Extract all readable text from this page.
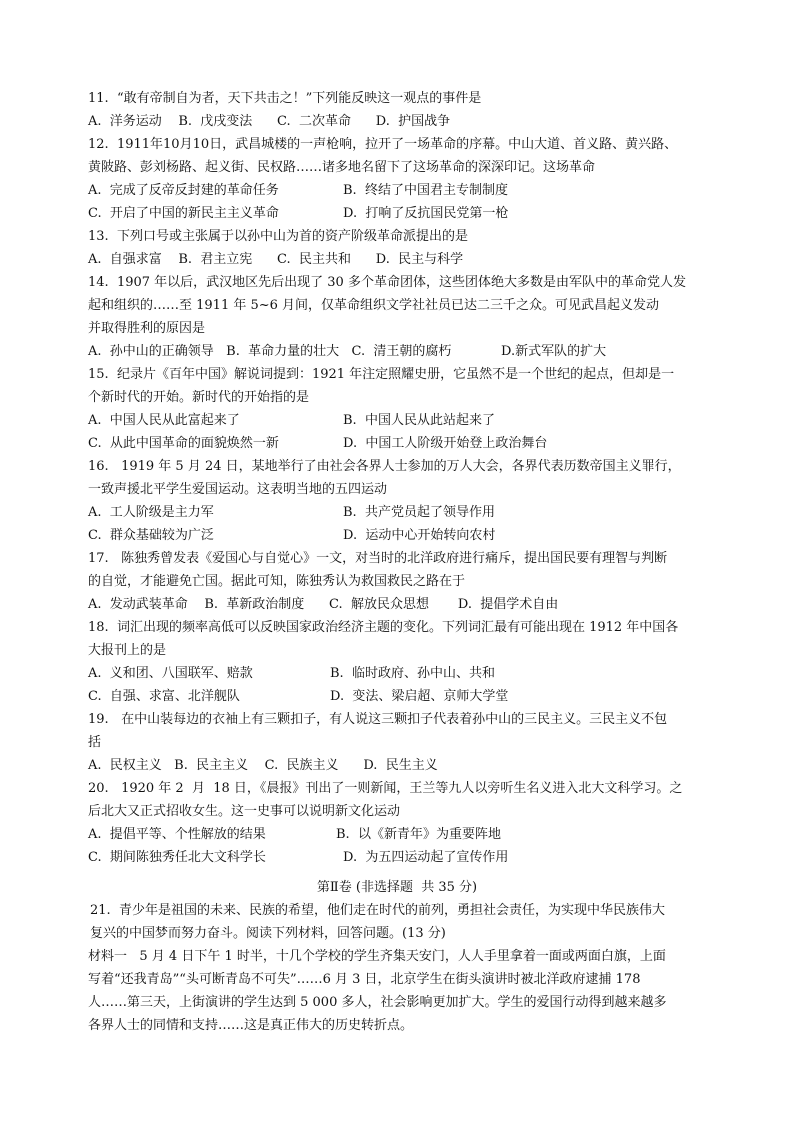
11.  “敢有帝制自为者，天下共击之！”下列能反映这一观点的事件是
A.  洋务运动    B.  戊戌变法      C.  二次革命      D.  护国战争
12.  1911年10月10日，武昌城楼的一声枪响，拉开了一场革命的序幕。中山大道、首义路、黄兴路、
黄陂路、彭刘杨路、起义街、民权路……诸多地名留下了这场革命的深深印记。这场革命
A.  完成了反帝反封建的革命任务	B.  终结了中国君主专制制度
C.  开启了中国的新民主主义革命	D.  打响了反抗国民党第一枪
13.  下列口号或主张属于以孙中山为首的资产阶级革命派提出的是
A.  自强求富    B.  君主立宪      C.  民主共和      D.  民主与科学
14.  1907 年以后，武汉地区先后出现了 30 多个革命团体，这些团体绝大多数是由军队中的革命党人发
起和组织的……至 1911 年 5~6 月间，仅革命组织文学社社员已达二三千之众。可见武昌起义发动
并取得胜利的原因是
A.  孙中山的正确领导   B.  革命力量的壮大   C.  清王朝的腐朽            D.新式军队的扩大
15.  纪录片《百年中国》解说词提到：1921 年注定照耀史册，它虽然不是一个世纪的起点，但却是一
个新时代的开始。新时代的开始指的是
A.  中国人民从此富起来了	B.  中国人民从此站起来了
C.  从此中国革命的面貌焕然一新	D.  中国工人阶级开始登上政治舞台
16.   1919 年 5 月 24 日，某地举行了由社会各界人士参加的万人大会，各界代表历数帝国主义罪行，
一致声援北平学生爱国运动。这表明当地的五四运动
A.  工人阶级是主力军	B.  共产党员起了领导作用
C.  群众基础较为广泛	D.  运动中心开始转向农村
17.   陈独秀曾发表《爱国心与自觉心》一文，对当时的北洋政府进行痛斥，提出国民要有理智与判断
的自觉，才能避免亡国。据此可知，陈独秀认为救国救民之路在于
A.  发动武装革命    B.  革新政治制度      C.  解放民众思想       D.  提倡学术自由
18.  词汇出现的频率高低可以反映国家政治经济主题的变化。下列词汇最有可能出现在 1912 年中国各
大报刊上的是
A.  义和团、八国联军、赔款	B.  临时政府、孙中山、共和
C.  自强、求富、北洋舰队	D.  变法、梁启超、京师大学堂
19.   在中山装每边的衣袖上有三颗扣子，有人说这三颗扣子代表着孙中山的三民主义。三民主义不包
括
A.  民权主义   B.  民主主义    C.  民族主义      D.  民生主义
20.   1920 年 2  月  18 日，《晨报》刊出了一则新闻，王兰等九人以旁听生名义进入北大文科学习。之
后北大又正式招收女生。这一史事可以说明新文化运动
A.  提倡平等、个性解放的结果	B.  以《新青年》为重要阵地
C.  期间陈独秀任北大文科学长	D.  为五四运动起了宣传作用
第Ⅱ卷 (非选择题  共 35 分)
21.  青少年是祖国的未来、民族的希望，他们走在时代的前列，勇担社会责任，为实现中华民族伟大
复兴的中国梦而努力奋斗。阅读下列材料，回答问题。(13 分)
材料一   5 月 4 日下午 1 时半，十几个学校的学生齐集天安门，人人手里拿着一面或两面白旗，上面
写着“还我青岛”“头可断青岛不可失”……6 月 3 日，北京学生在街头演讲时被北洋政府逮捕 178
人……第三天，上街演讲的学生达到 5 000 多人，社会影响更加扩大。学生的爱国行动得到越来越多
各界人士的同情和支持……这是真正伟大的历史转折点。
